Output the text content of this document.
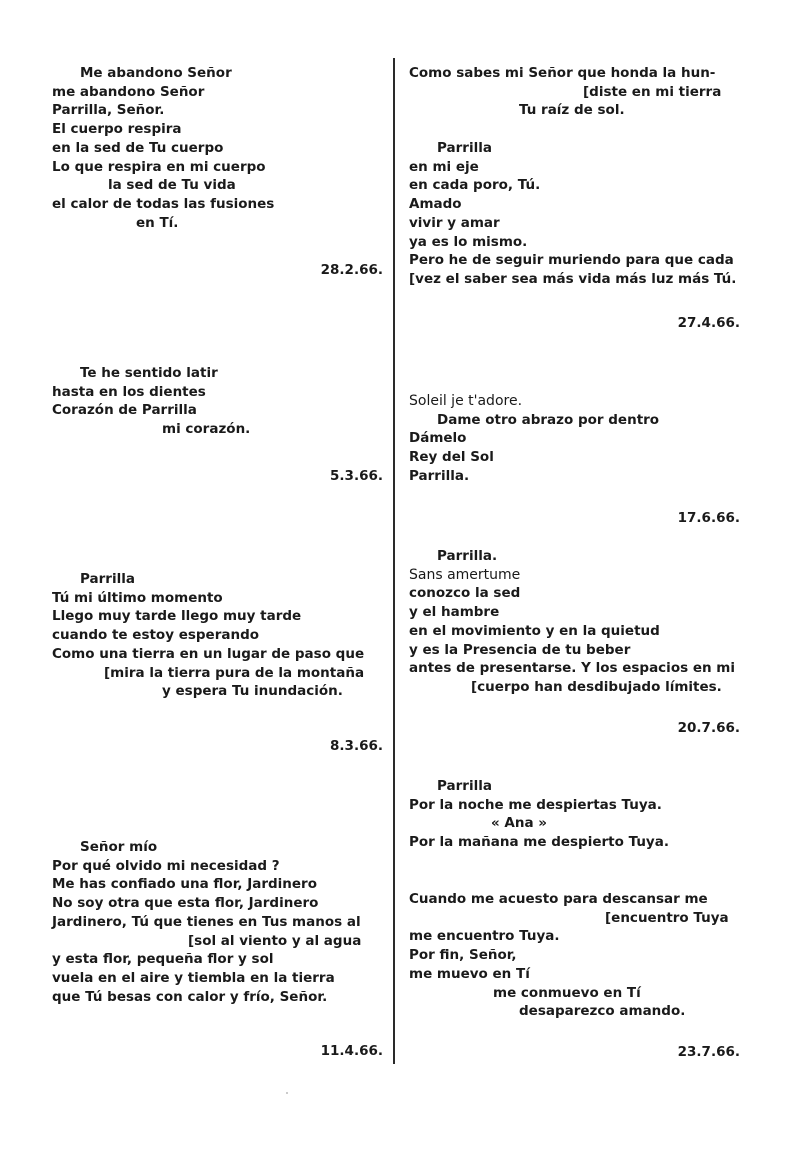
Me abandono Señor
me abandono Señor
Parrilla, Señor.
El cuerpo respira
en la sed de Tu cuerpo
Lo que respira en mi cuerpo
la sed de Tu vida
el calor de todas las fusiones
en Tí.
28.2.66.
Te he sentido latir
hasta en los dientes
Corazón de Parrilla
mi corazón.
5.3.66.
Parrilla
Tú mi último momento
Llego muy tarde llego muy tarde
cuando te estoy esperando
Como una tierra en un lugar de paso que
[mira la tierra pura de la montaña
y espera Tu inundación.
8.3.66.
Señor mío
Por qué olvido mi necesidad ?
Me has confiado una flor, Jardinero
No soy otra que esta flor, Jardinero
Jardinero, Tú que tienes en Tus manos al
[sol al viento y al agua
y esta flor, pequeña flor y sol
vuela en el aire y tiembla en la tierra
que Tú besas con calor y frío, Señor.
11.4.66.
Como sabes mi Señor que honda la hun-
[diste en mi tierra
Tu raíz de sol.
Parrilla
en mi eje
en cada poro, Tú.
Amado
vivir y amar
ya es lo mismo.
Pero he de seguir muriendo para que cada
[vez el saber sea más vida más luz más Tú.
27.4.66.
Soleil je t'adore.
Dame otro abrazo por dentro
Dámelo
Rey del Sol
Parrilla.
17.6.66.
Parrilla.
Sans amertume
conozco la sed
y el hambre
en el movimiento y en la quietud
y es la Presencia de tu beber
antes de presentarse. Y los espacios en mi
[cuerpo han desdibujado límites.
20.7.66.
Parrilla
Por la noche me despiertas Tuya.
« Ana »
Por la mañana me despierto Tuya.
Cuando me acuesto para descansar me
[encuentro Tuya
me encuentro Tuya.
Por fin, Señor,
me muevo en Tí
me conmuevo en Tí
desaparezco amando.
23.7.66.
